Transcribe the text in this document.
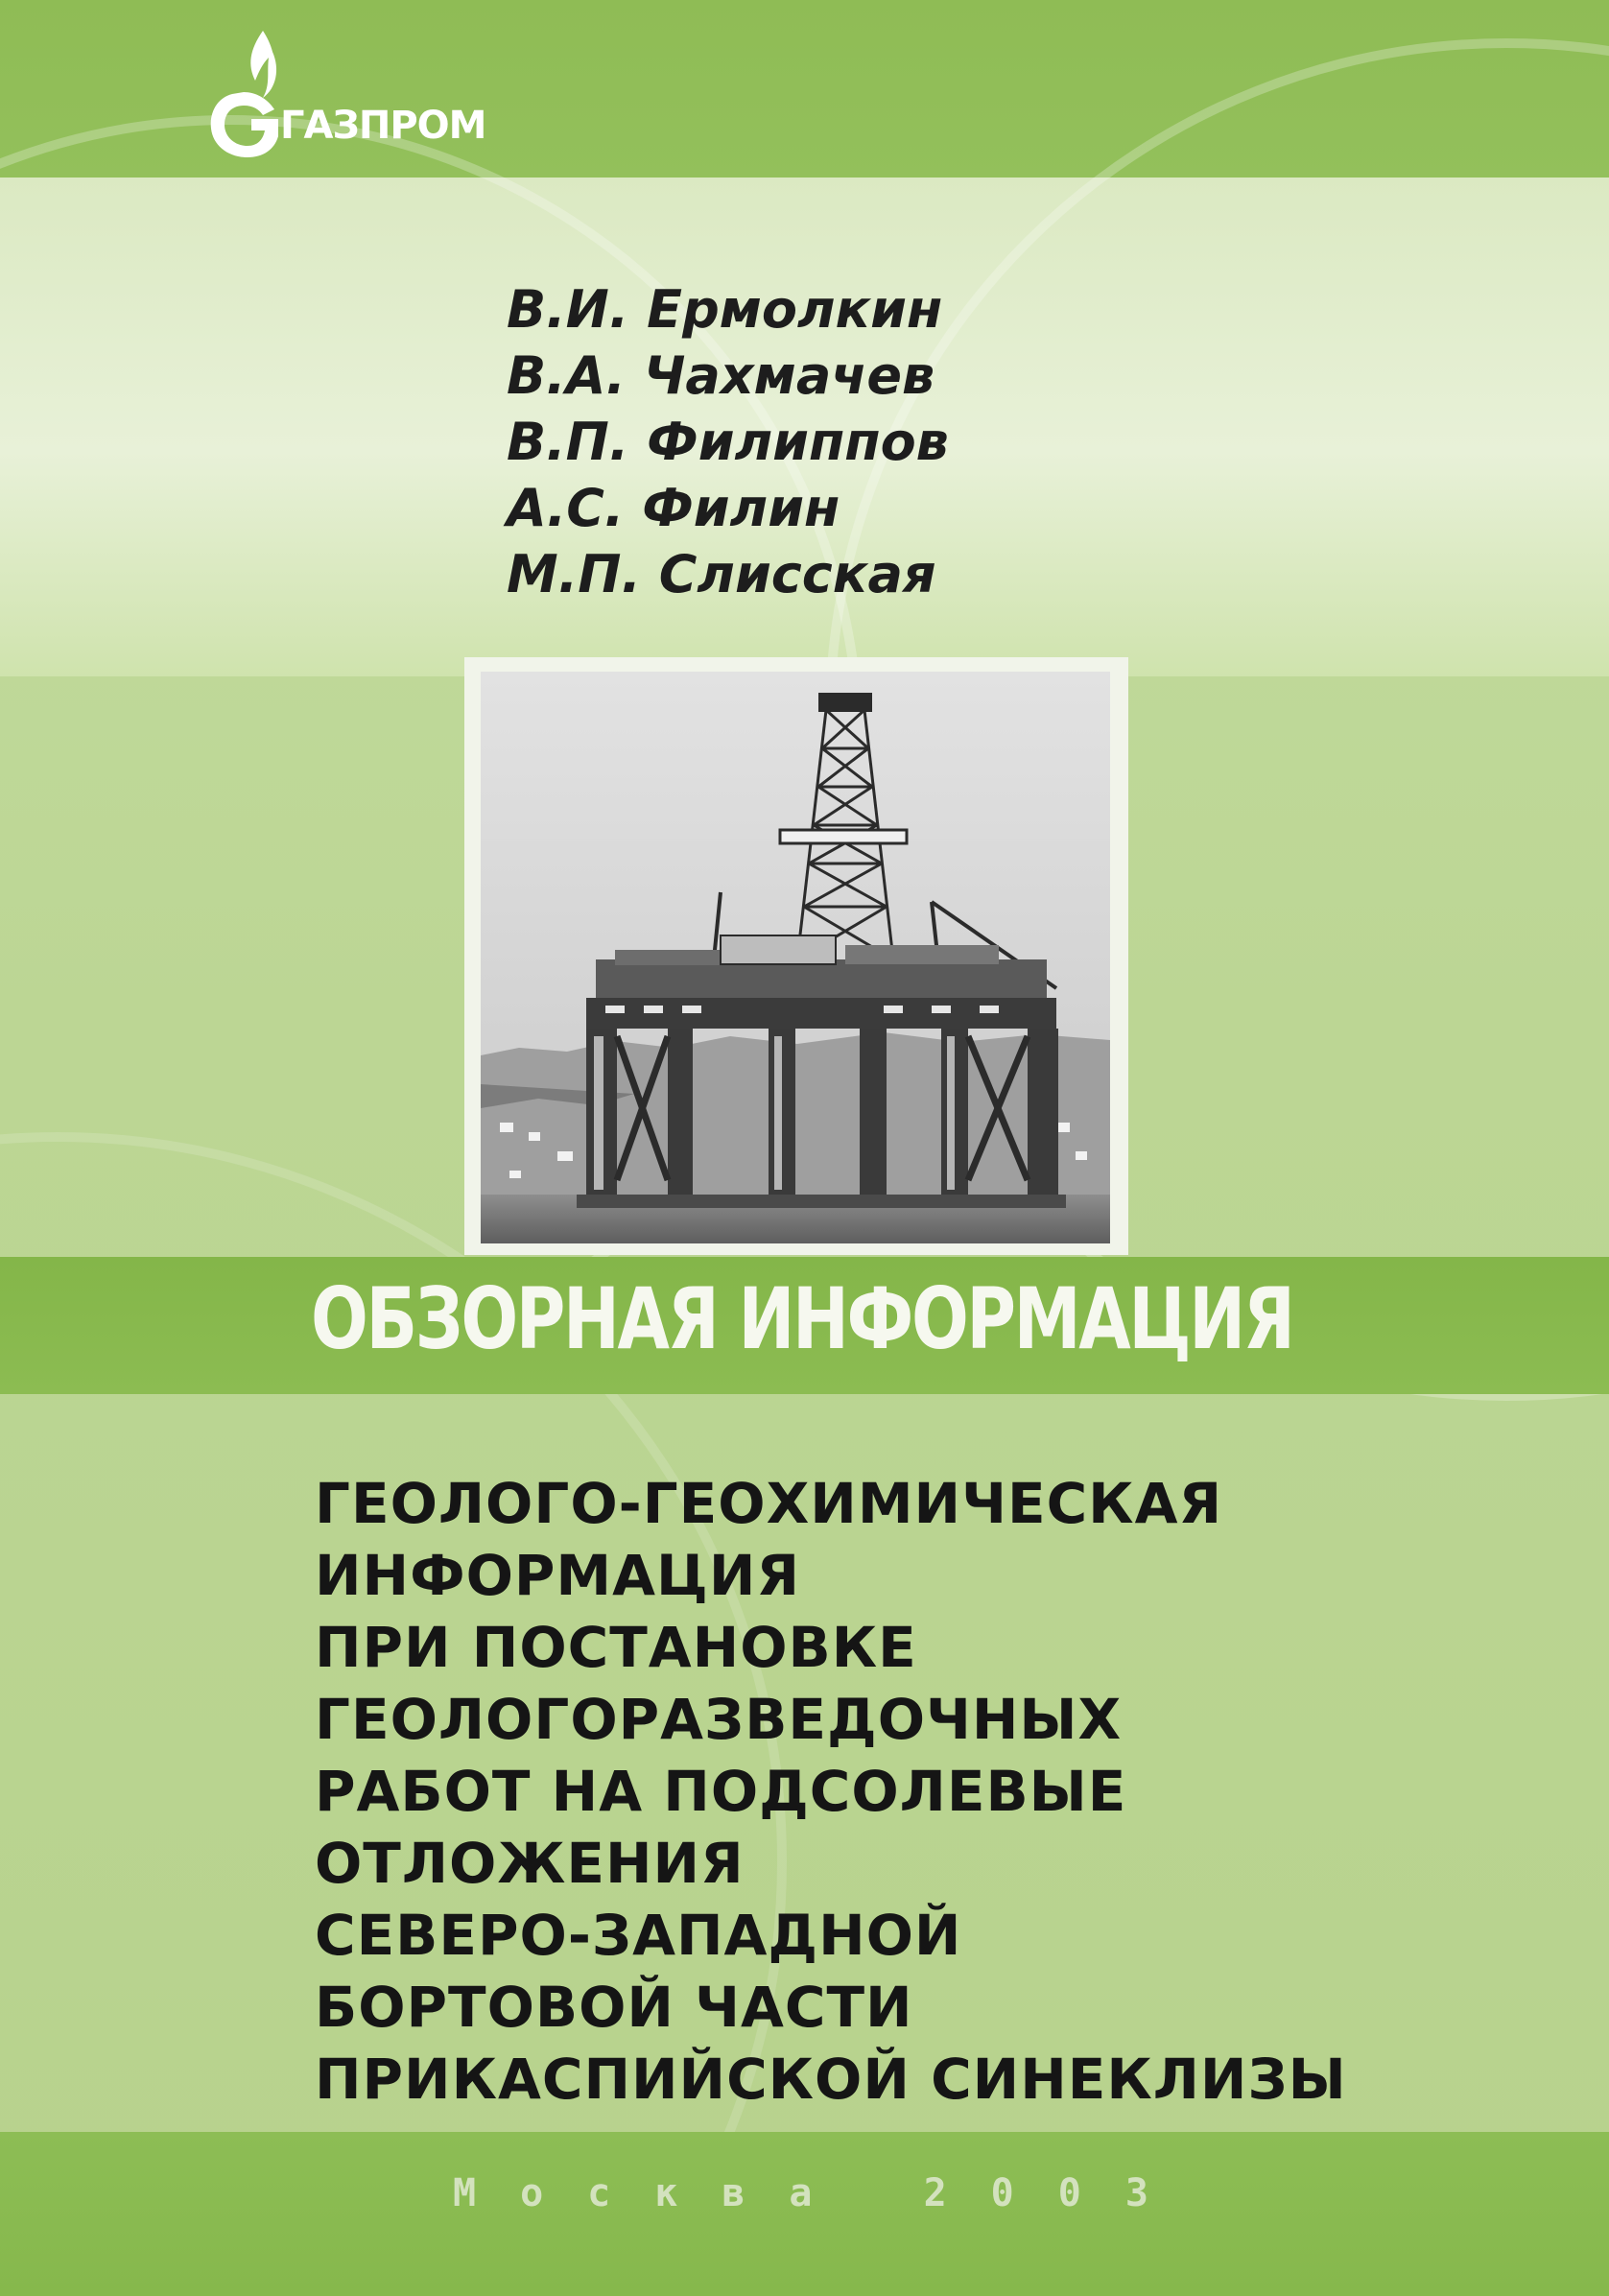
ГАЗПРОМ
В.И. Ермолкин
В.А. Чахмачев
В.П. Филиппов
А.С. Филин
М.П. Слисская
ОБЗОРНАЯ ИНФОРМАЦИЯ
ГЕОЛОГО-ГЕОХИМИЧЕСКАЯ
ИНФОРМАЦИЯ
ПРИ ПОСТАНОВКЕ
ГЕОЛОГОРАЗВЕДОЧНЫХ
РАБОТ НА ПОДСОЛЕВЫЕ
ОТЛОЖЕНИЯ
СЕВЕРО-ЗАПАДНОЙ
БОРТОВОЙ ЧАСТИ
ПРИКАСПИЙСКОЙ СИНЕКЛИЗЫ
Москва 2003
